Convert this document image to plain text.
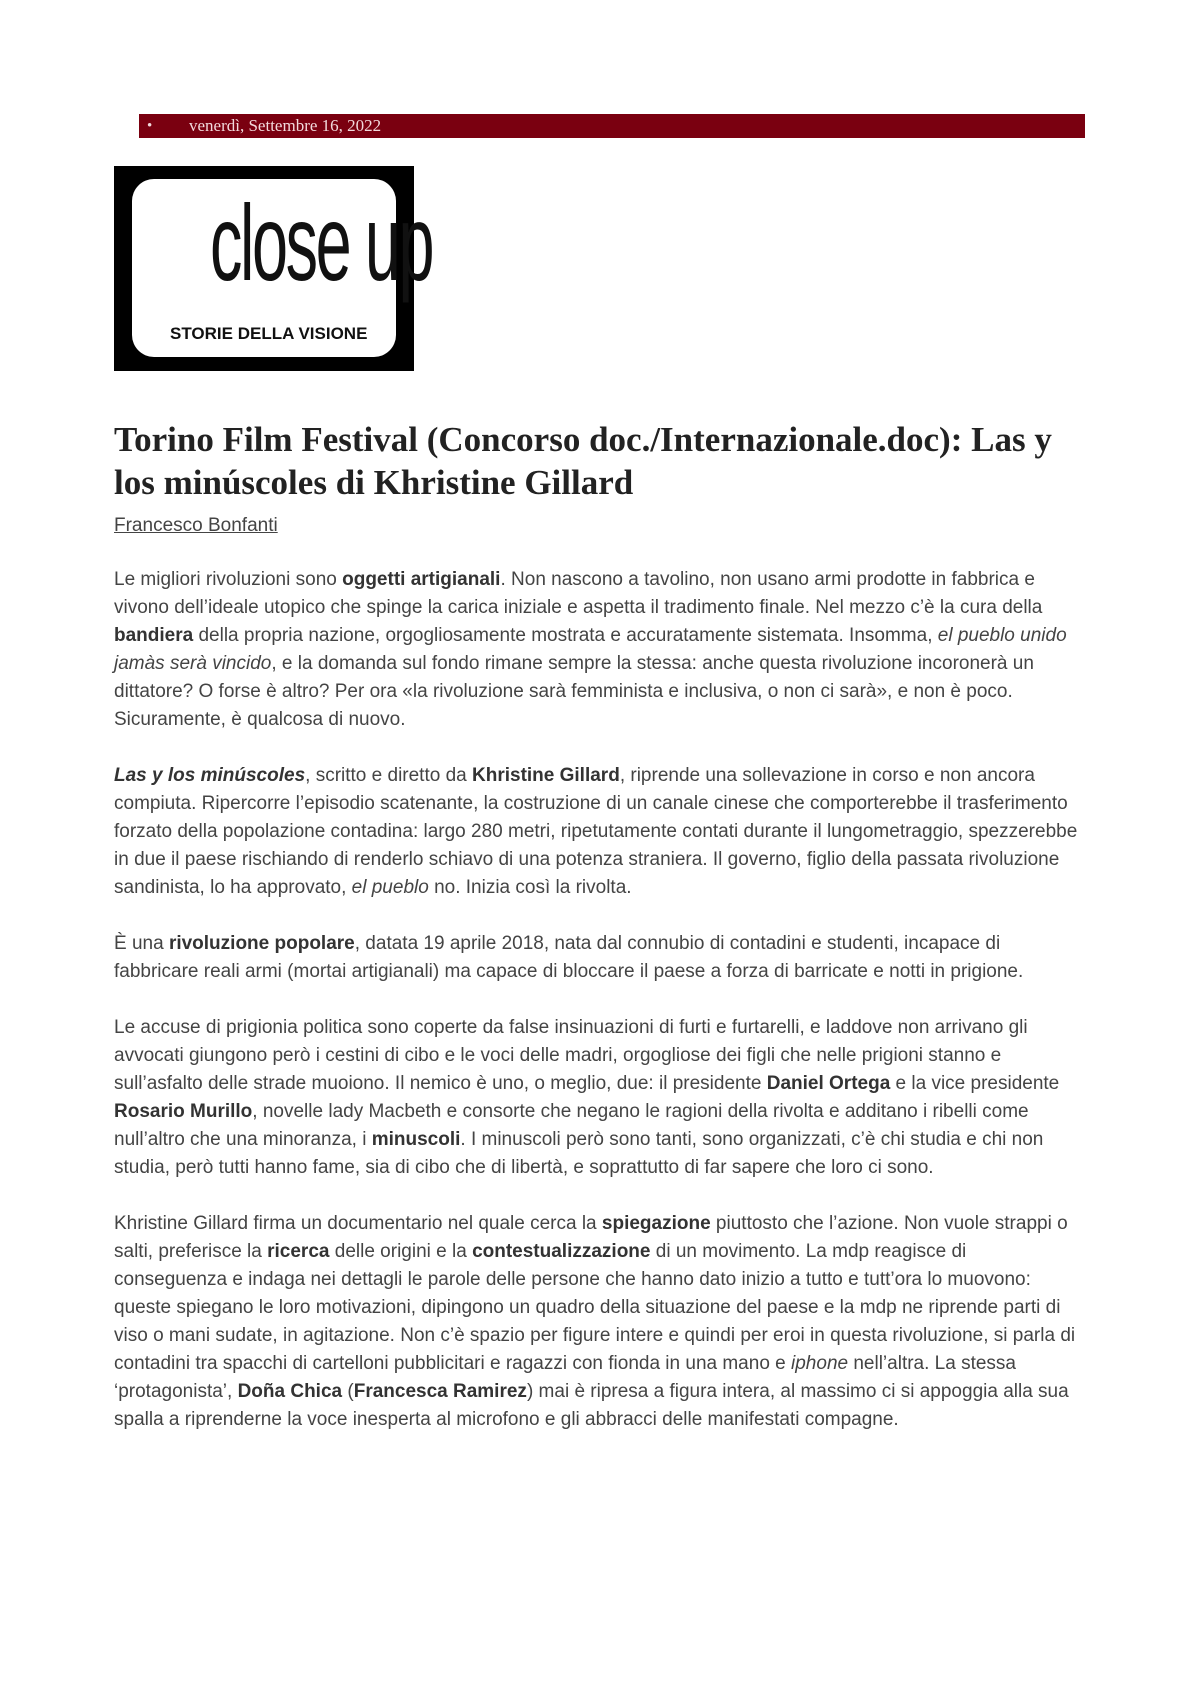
• venerdì, Settembre 16, 2022
close up
STORIE DELLA VISIONE
Torino Film Festival (Concorso doc./Internazionale.doc): Las y los minúscoles di Khristine Gillard
Francesco Bonfanti

Le migliori rivoluzioni sono oggetti artigianali. Non nascono a tavolino, non usano armi prodotte in fabbrica e vivono dell’ideale utopico che spinge la carica iniziale e aspetta il tradimento finale. Nel mezzo c’è la cura della bandiera della propria nazione, orgogliosamente mostrata e accuratamente sistemata. Insomma, el pueblo unido jamàs serà vincido, e la domanda sul fondo rimane sempre la stessa: anche questa rivoluzione incoronerà un dittatore? O forse è altro? Per ora «la rivoluzione sarà femminista e inclusiva, o non ci sarà», e non è poco. Sicuramente, è qualcosa di nuovo.

Las y los minúscoles, scritto e diretto da Khristine Gillard, riprende una sollevazione in corso e non ancora compiuta. Ripercorre l’episodio scatenante, la costruzione di un canale cinese che comporterebbe il trasferimento forzato della popolazione contadina: largo 280 metri, ripetutamente contati durante il lungometraggio, spezzerebbe in due il paese rischiando di renderlo schiavo di una potenza straniera. Il governo, figlio della passata rivoluzione sandinista, lo ha approvato, el pueblo no. Inizia così la rivolta.

È una rivoluzione popolare, datata 19 aprile 2018, nata dal connubio di contadini e studenti, incapace di fabbricare reali armi (mortai artigianali) ma capace di bloccare il paese a forza di barricate e notti in prigione.

Le accuse di prigionia politica sono coperte da false insinuazioni di furti e furtarelli, e laddove non arrivano gli avvocati giungono però i cestini di cibo e le voci delle madri, orgogliose dei figli che nelle prigioni stanno e sull’asfalto delle strade muoiono. Il nemico è uno, o meglio, due: il presidente Daniel Ortega e la vice presidente Rosario Murillo, novelle lady Macbeth e consorte che negano le ragioni della rivolta e additano i ribelli come null’altro che una minoranza, i minuscoli. I minuscoli però sono tanti, sono organizzati, c’è chi studia e chi non studia, però tutti hanno fame, sia di cibo che di libertà, e soprattutto di far sapere che loro ci sono.

Khristine Gillard firma un documentario nel quale cerca la spiegazione piuttosto che l’azione. Non vuole strappi o salti, preferisce la ricerca delle origini e la contestualizzazione di un movimento. La mdp reagisce di conseguenza e indaga nei dettagli le parole delle persone che hanno dato inizio a tutto e tutt’ora lo muovono: queste spiegano le loro motivazioni, dipingono un quadro della situazione del paese e la mdp ne riprende parti di viso o mani sudate, in agitazione. Non c’è spazio per figure intere e quindi per eroi in questa rivoluzione, si parla di contadini tra spacchi di cartelloni pubblicitari e ragazzi con fionda in una mano e iphone nell’altra. La stessa ‘protagonista’, Doña Chica (Francesca Ramirez) mai è ripresa a figura intera, al massimo ci si appoggia alla sua spalla a riprenderne la voce inesperta al microfono e gli abbracci delle manifestati compagne.
